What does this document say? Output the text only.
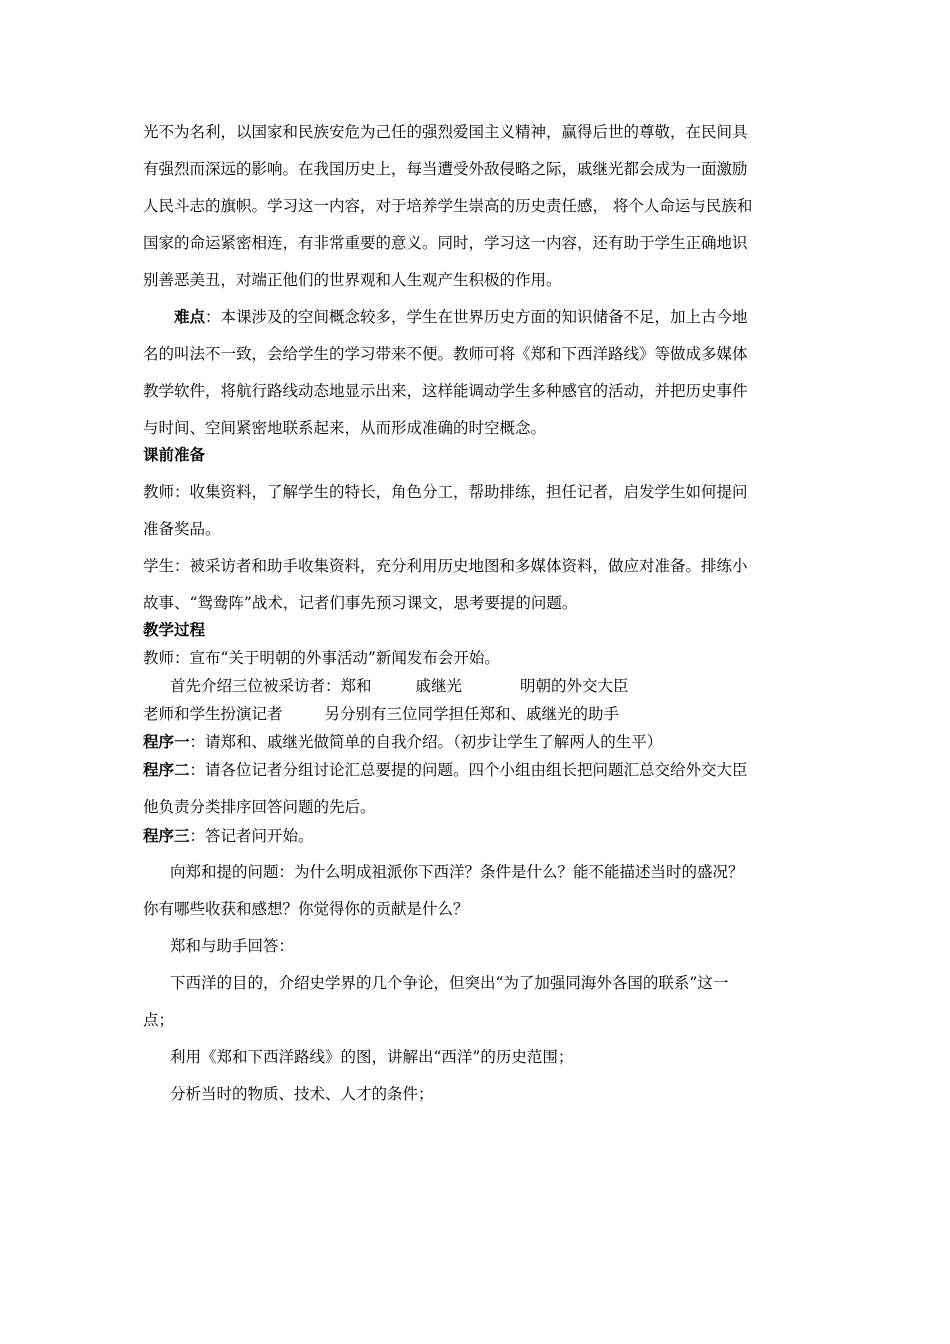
光不为名利，以国家和民族安危为己任的强烈爱国主义精神，赢得后世的尊敬，在民间具
有强烈而深远的影响。在我国历史上，每当遭受外敌侵略之际，戚继光都会成为一面激励
人民斗志的旗帜。学习这一内容，对于培养学生崇高的历史责任感， 将个人命运与民族和
国家的命运紧密相连，有非常重要的意义。同时，学习这一内容，还有助于学生正确地识
别善恶美丑，对端正他们的世界观和人生观产生积极的作用。
难点：本课涉及的空间概念较多，学生在世界历史方面的知识储备不足，加上古今地
名的叫法不一致，会给学生的学习带来不便。教师可将《郑和下西洋路线》等做成多媒体
教学软件，将航行路线动态地显示出来，这样能调动学生多种感官的活动，并把历史事件
与时间、空间紧密地联系起来，从而形成准确的时空概念。
课前准备
教师：收集资料，了解学生的特长，角色分工，帮助排练，担任记者，启发学生如何提问
准备奖品。
学生：被采访者和助手收集资料，充分利用历史地图和多媒体资料，做应对准备。排练小
故事、“鸳鸯阵”战术，记者们事先预习课文，思考要提的问题。
教学过程
教师：宣布“关于明朝的外事活动”新闻发布会开始。
首先介绍三位被采访者：郑和	戚继光	明朝的外交大臣
老师和学生扮演记者	另分别有三位同学担任郑和、戚继光的助手
程序一：请郑和、戚继光做简单的自我介绍。（初步让学生了解两人的生平）
程序二：请各位记者分组讨论汇总要提的问题。四个小组由组长把问题汇总交给外交大臣
他负责分类排序回答问题的先后。
程序三：答记者问开始。
向郑和提的问题：为什么明成祖派你下西洋？条件是什么？能不能描述当时的盛况？
你有哪些收获和感想？你觉得你的贡献是什么？
郑和与助手回答：
下西洋的目的，介绍史学界的几个争论，但突出“为了加强同海外各国的联系”这一
点；
利用《郑和下西洋路线》的图，讲解出“西洋”的历史范围；
分析当时的物质、技术、人才的条件；
